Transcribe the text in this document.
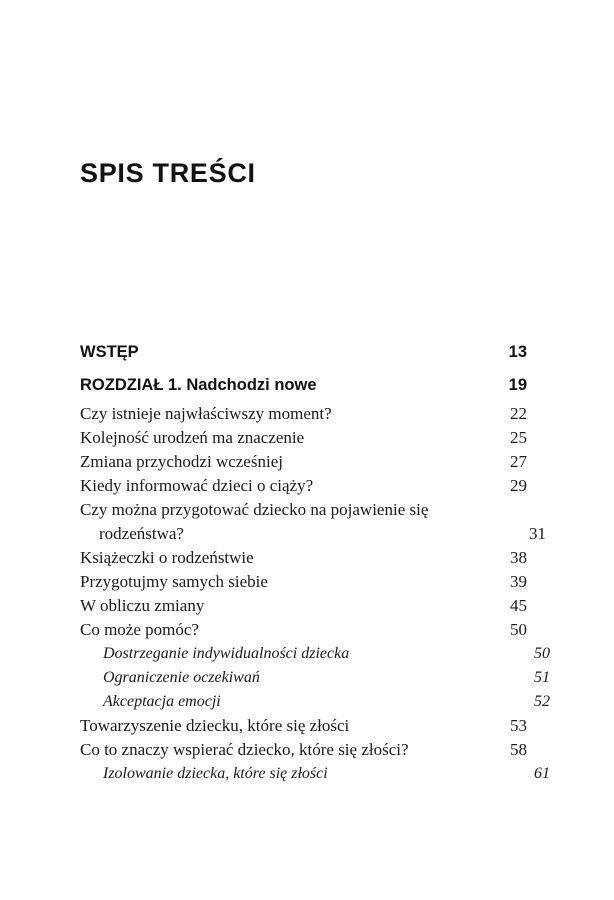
SPIS TREŚCI
WSTĘP	13
ROZDZIAŁ 1. Nadchodzi nowe	19
Czy istnieje najwłaściwszy moment?	22
Kolejność urodzeń ma znaczenie	25
Zmiana przychodzi wcześniej	27
Kiedy informować dzieci o ciąży?	29
Czy można przygotować dziecko na pojawienie się
rodzeństwa?	31
Książeczki o rodzeństwie	38
Przygotujmy samych siebie	39
W obliczu zmiany	45
Co może pomóc?	50
Dostrzeganie indywidualności dziecka	50
Ograniczenie oczekiwań	51
Akceptacja emocji	52
Towarzyszenie dziecku, które się złości	53
Co to znaczy wspierać dziecko, które się złości?	58
Izolowanie dziecka, które się złości	61
